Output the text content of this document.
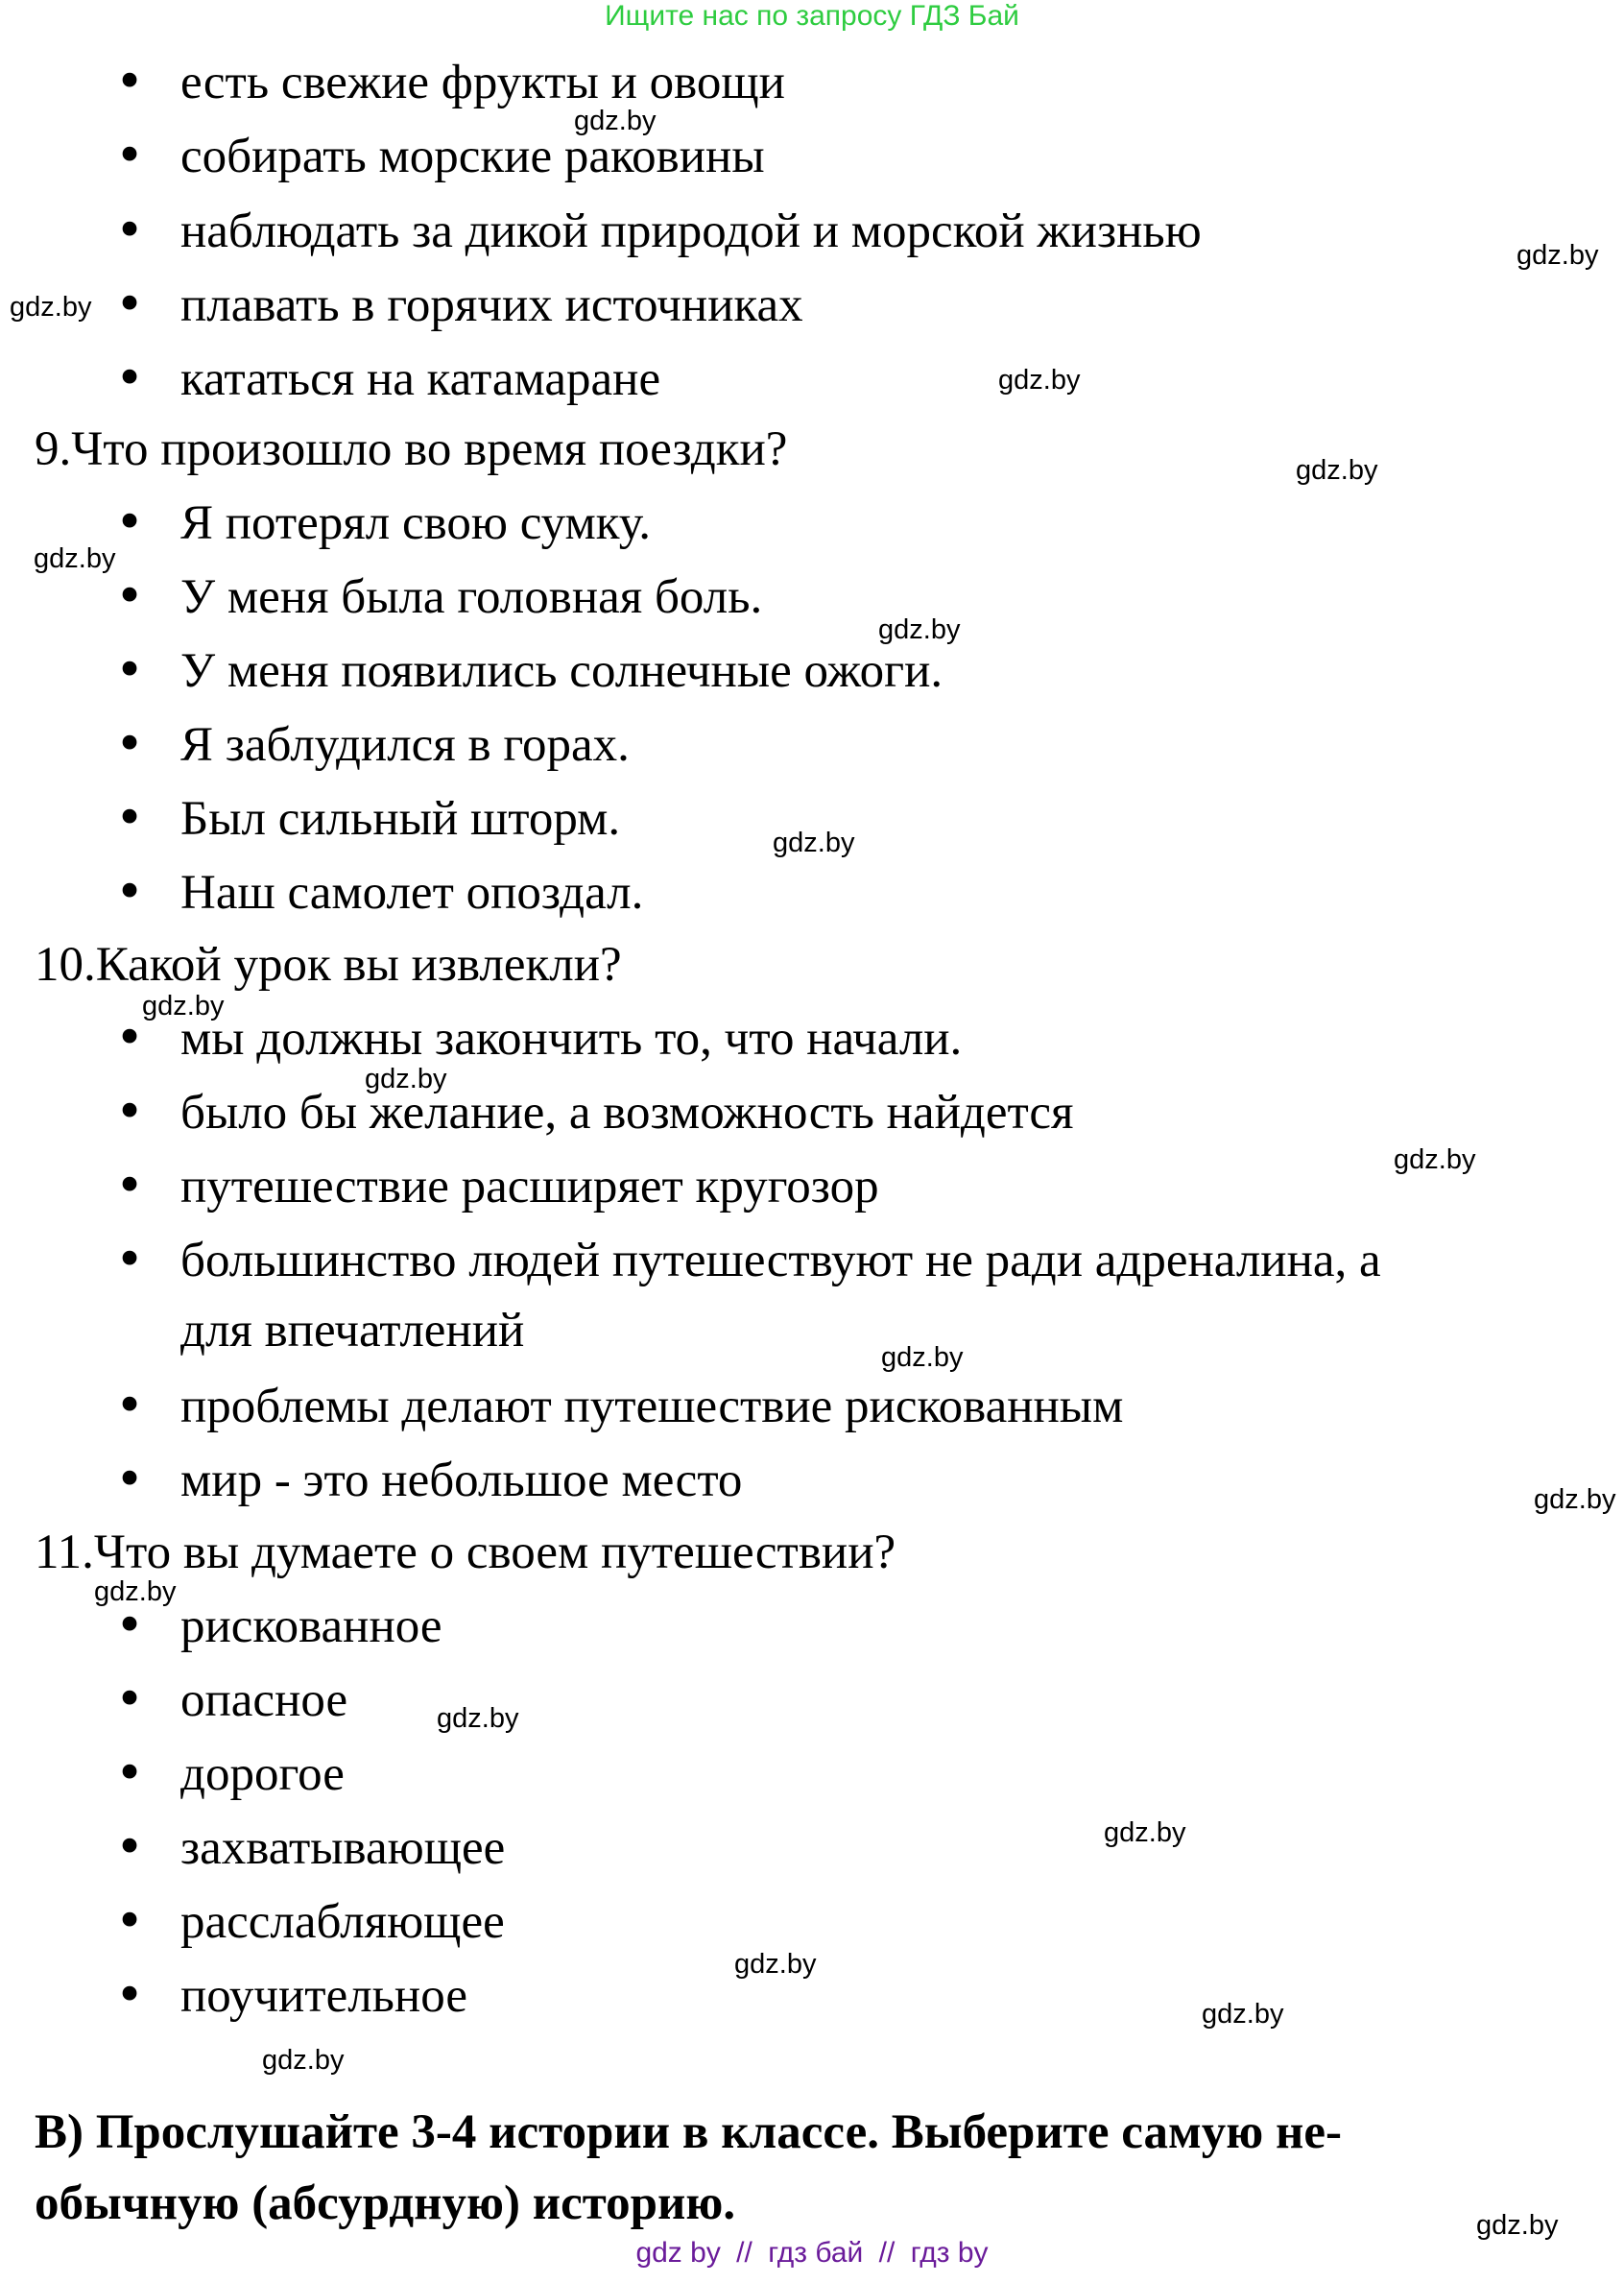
Ищите нас по запросу ГДЗ Бай
• есть свежие фрукты и овощи
• собирать морские раковины
• наблюдать за дикой природой и морской жизнью
• плавать в горячих источниках
• кататься на катамаране
9.Что произошло во время поездки?
• Я потерял свою сумку.
• У меня была головная боль.
• У меня появились солнечные ожоги.
• Я заблудился в горах.
• Был сильный шторм.
• Наш самолет опоздал.
10.Какой урок вы извлекли?
• мы должны закончить то, что начали.
• было бы желание, а возможность найдется
• путешествие расширяет кругозор
• большинство людей путешествуют не ради адреналина, а
для впечатлений
• проблемы делают путешествие рискованным
• мир - это небольшое место
11.Что вы думаете о своем путешествии?
• рискованное
• опасное
• дорогое
• захватывающее
• расслабляющее
• поучительное
B) Прослушайте 3-4 истории в классе. Выберите самую не-
обычную (абсурдную) историю.
gdz.by
gdz.by
gdz.by
gdz.by
gdz.by
gdz.by
gdz.by
gdz.by
gdz.by
gdz.by
gdz.by
gdz.by
gdz.by
gdz.by
gdz.by
gdz.by
gdz.by
gdz.by
gdz.by
gdz.by
gdz by // гдз бай // гдз by
